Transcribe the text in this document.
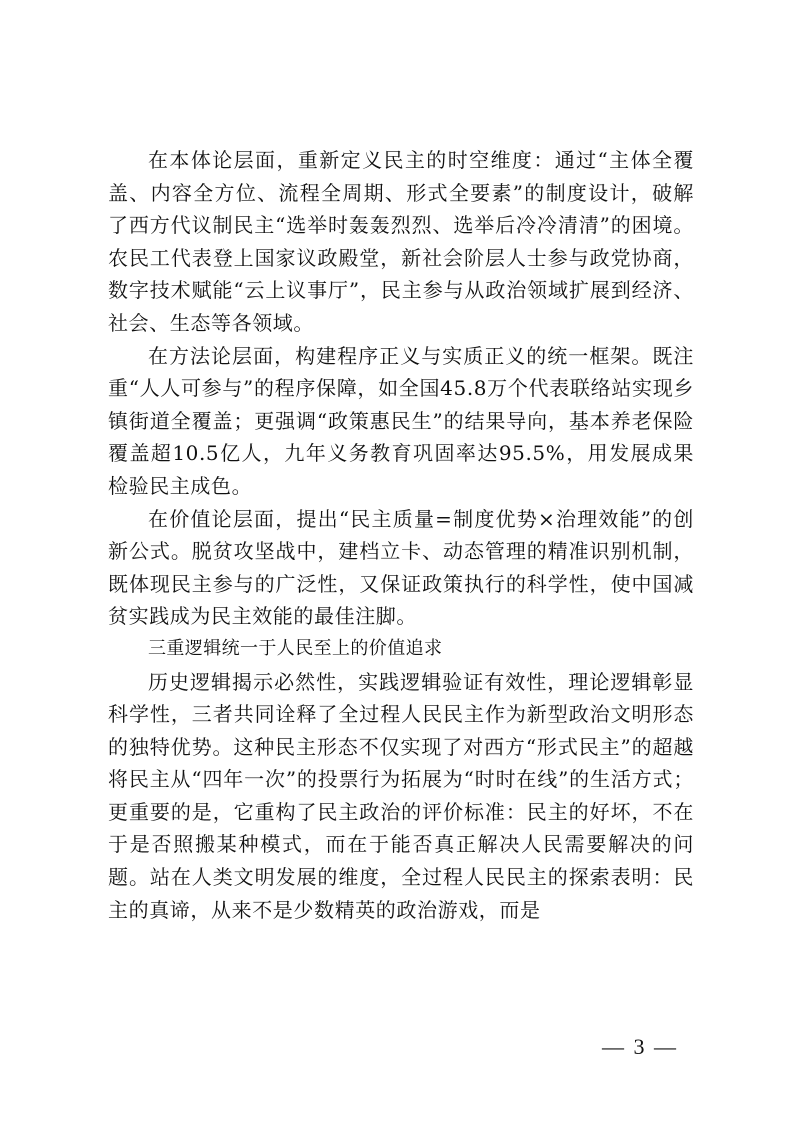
在本体论层面，重新定义民主的时空维度：通过“主体全覆盖、内容全方位、流程全周期、形式全要素”的制度设计，破解了西方代议制民主“选举时轰轰烈烈、选举后冷冷清清”的困境。农民工代表登上国家议政殿堂，新社会阶层人士参与政党协商，数字技术赋能“云上议事厅”，民主参与从政治领域扩展到经济、社会、生态等各领域。

在方法论层面，构建程序正义与实质正义的统一框架。既注重“人人可参与”的程序保障，如全国45.8万个代表联络站实现乡镇街道全覆盖；更强调“政策惠民生”的结果导向，基本养老保险覆盖超10.5亿人，九年义务教育巩固率达95.5%，用发展成果检验民主成色。

在价值论层面，提出“民主质量=制度优势×治理效能”的创新公式。脱贫攻坚战中，建档立卡、动态管理的精准识别机制，既体现民主参与的广泛性，又保证政策执行的科学性，使中国减贫实践成为民主效能的最佳注脚。

三重逻辑统一于人民至上的价值追求

历史逻辑揭示必然性，实践逻辑验证有效性，理论逻辑彰显科学性，三者共同诠释了全过程人民民主作为新型政治文明形态的独特优势。这种民主形态不仅实现了对西方“形式民主”的超越将民主从“四年一次”的投票行为拓展为“时时在线”的生活方式；更重要的是，它重构了民主政治的评价标准：民主的好坏，不在于是否照搬某种模式，而在于能否真正解决人民需要解决的问题。站在人类文明发展的维度，全过程人民民主的探索表明：民主的真谛，从来不是少数精英的政治游戏，而是

— 3 —
